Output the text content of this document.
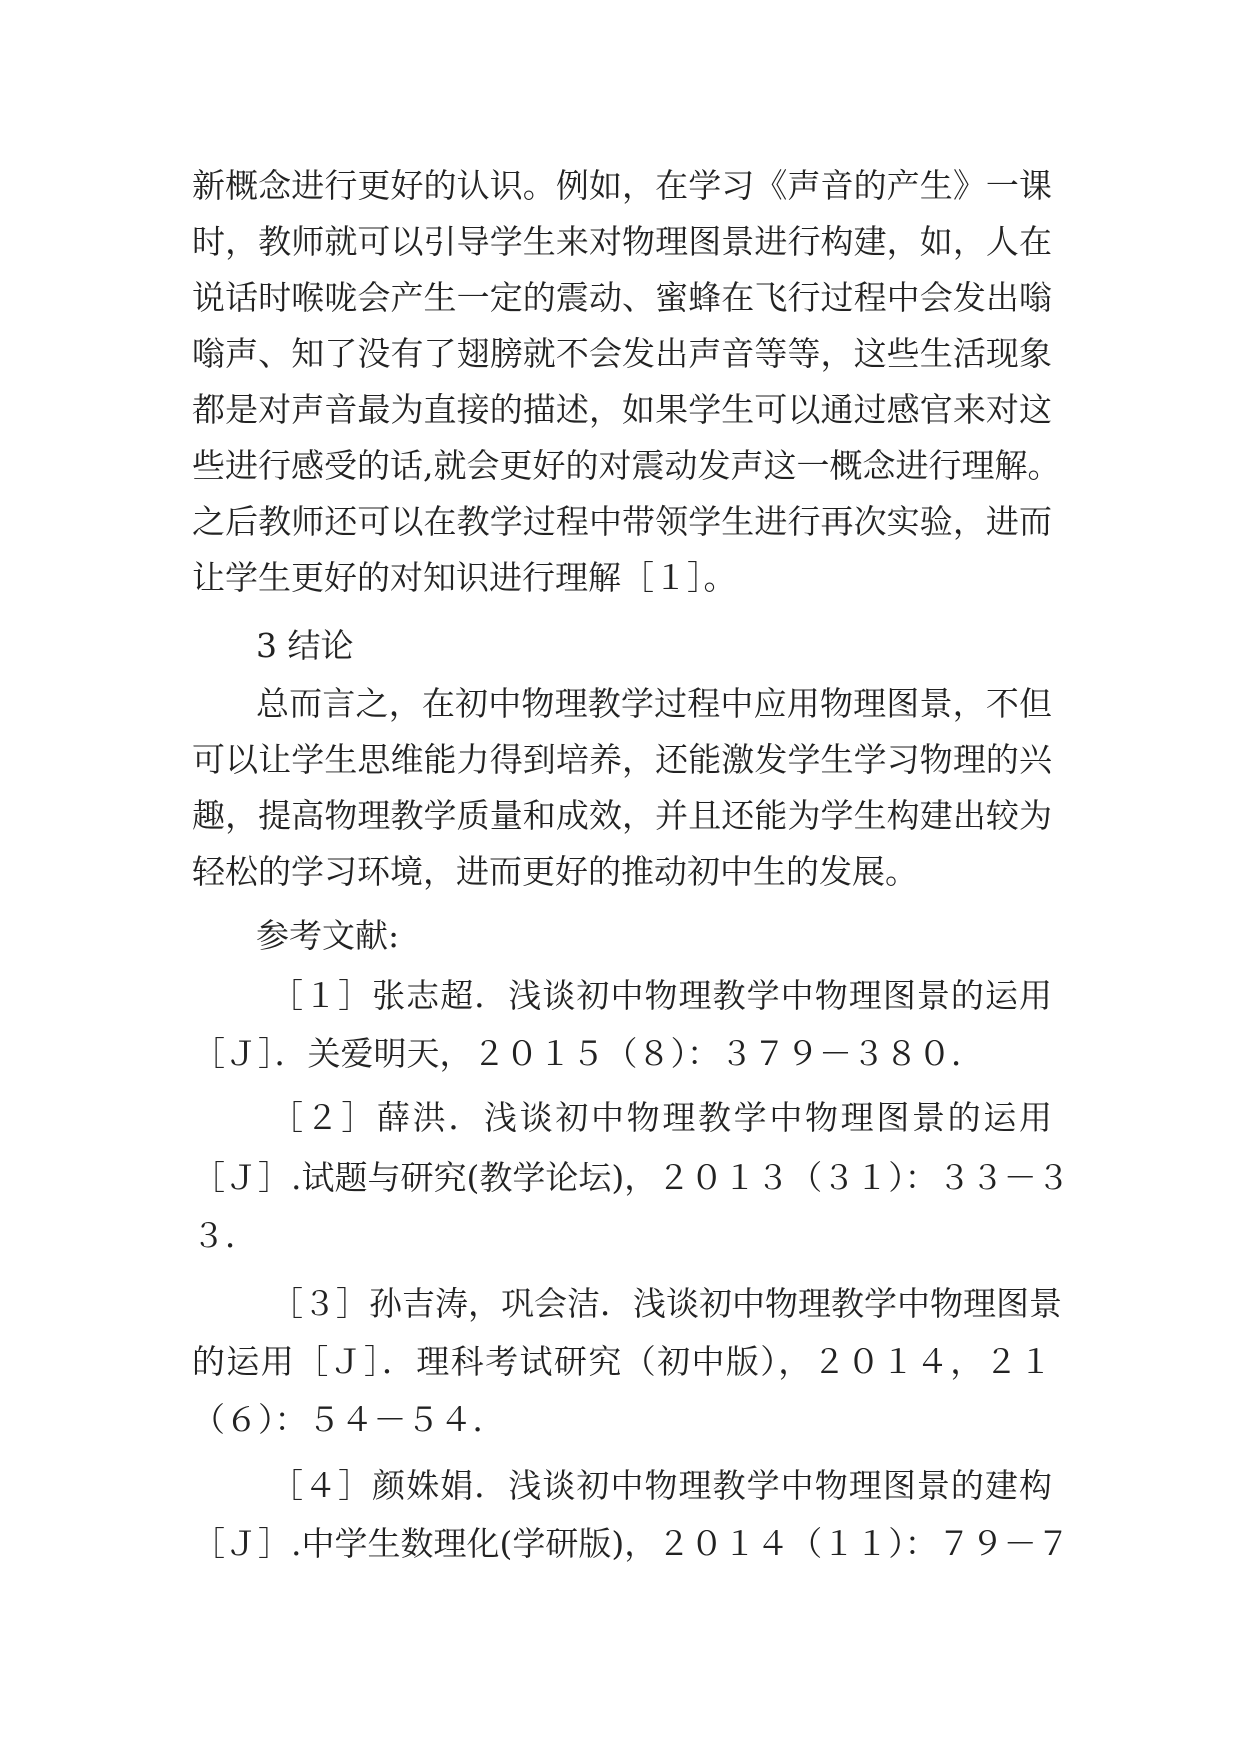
新概念进行更好的认识。例如，在学习《声音的产生》一课
时，教师就可以引导学生来对物理图景进行构建，如，人在
说话时喉咙会产生一定的震动、蜜蜂在飞行过程中会发出嗡
嗡声、知了没有了翅膀就不会发出声音等等，这些生活现象
都是对声音最为直接的描述，如果学生可以通过感官来对这
些进行感受的话,就会更好的对震动发声这一概念进行理解。
之后教师还可以在教学过程中带领学生进行再次实验，进而
让学生更好的对知识进行理解［１］。
3 结论
总而言之，在初中物理教学过程中应用物理图景，不但
可以让学生思维能力得到培养，还能激发学生学习物理的兴
趣，提高物理教学质量和成效，并且还能为学生构建出较为
轻松的学习环境，进而更好的推动初中生的发展。
参考文献:
［１］张志超．浅谈初中物理教学中物理图景的运用
［Ｊ］．关爱明天，２０１５（８）：３７９－３８０．
［２］薛洪．浅谈初中物理教学中物理图景的运用
［Ｊ］.试题与研究(教学论坛)，２０１３（３１）：３３－３
３．
［３］孙吉涛，巩会洁．浅谈初中物理教学中物理图景
的运用［Ｊ］．理科考试研究（初中版），２０１４，２１
（６）：５４－５４．
［４］颜姝娟．浅谈初中物理教学中物理图景的建构
［Ｊ］.中学生数理化(学研版)，２０１４（１１）：７９－７
